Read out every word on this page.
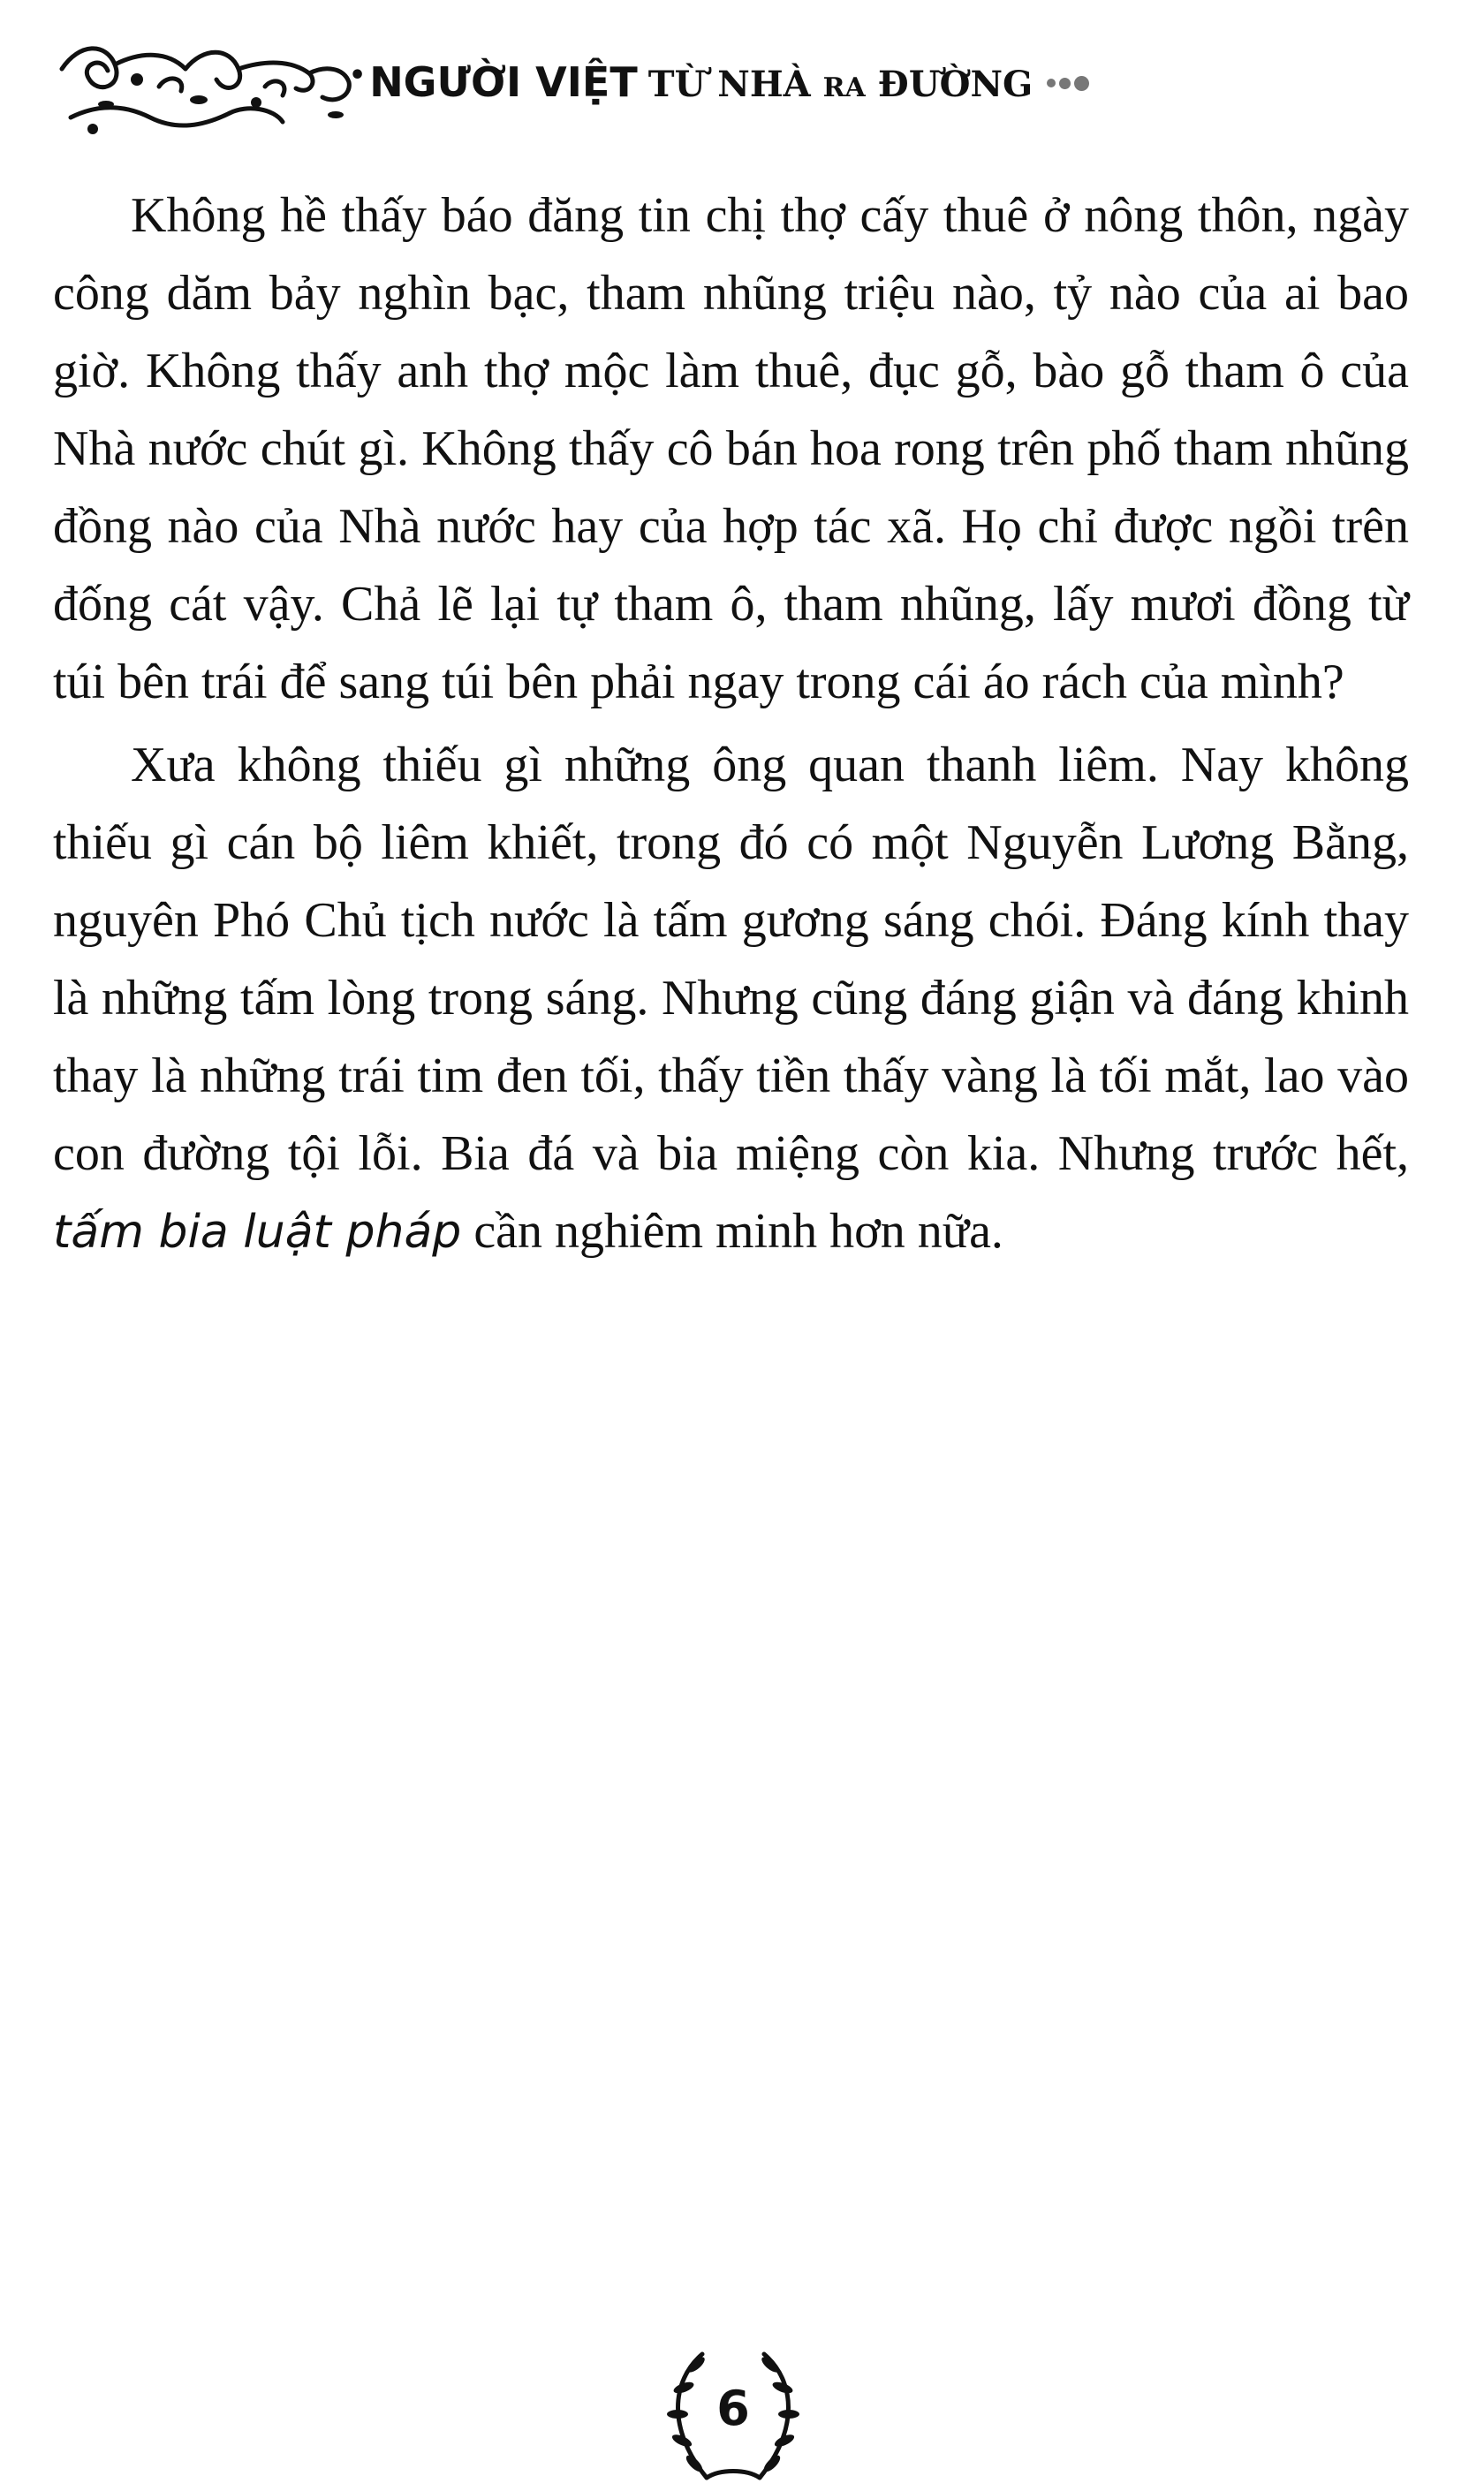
• NGƯỜI VIỆT TỪ NHÀ RA ĐƯỜNG

Không hề thấy báo đăng tin chị thợ cấy thuê ở nông thôn, ngày công dăm bảy nghìn bạc, tham nhũng triệu nào, tỷ nào của ai bao giờ. Không thấy anh thợ mộc làm thuê, đục gỗ, bào gỗ tham ô của Nhà nước chút gì. Không thấy cô bán hoa rong trên phố tham nhũng đồng nào của Nhà nước hay của hợp tác xã. Họ chỉ được ngồi trên đống cát vậy. Chả lẽ lại tự tham ô, tham nhũng, lấy mươi đồng từ túi bên trái để sang túi bên phải ngay trong cái áo rách của mình?

Xưa không thiếu gì những ông quan thanh liêm. Nay không thiếu gì cán bộ liêm khiết, trong đó có một Nguyễn Lương Bằng, nguyên Phó Chủ tịch nước là tấm gương sáng chói. Đáng kính thay là những tấm lòng trong sáng. Nhưng cũng đáng giận và đáng khinh thay là những trái tim đen tối, thấy tiền thấy vàng là tối mắt, lao vào con đường tội lỗi. Bia đá và bia miệng còn kia. Nhưng trước hết, tấm bia luật pháp cần nghiêm minh hơn nữa.

6
